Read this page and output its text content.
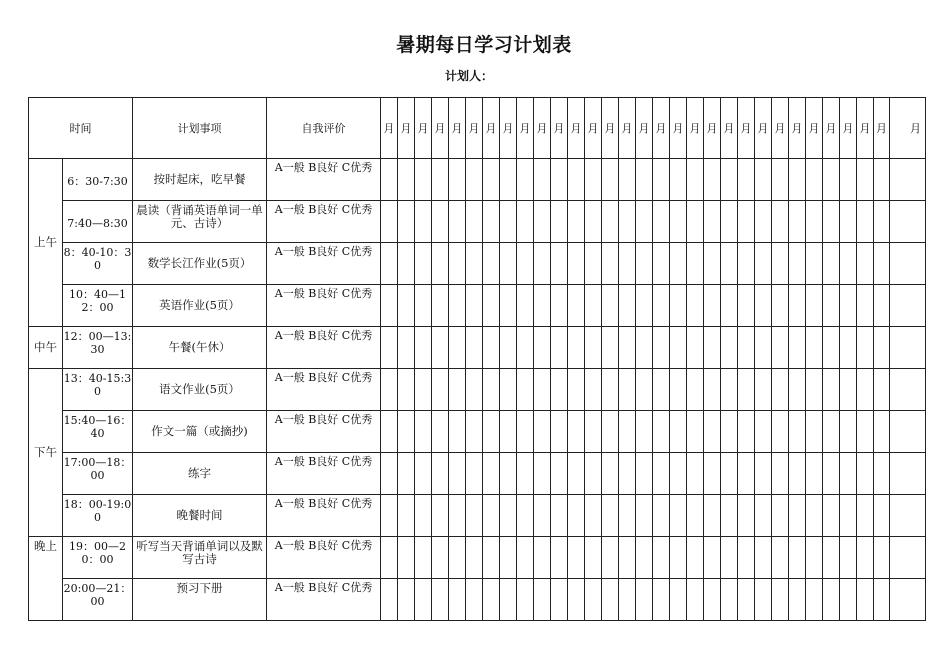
暑期每日学习计划表
计划人：
时间		计划事项	自我评价	月	月	月	月	月	月	月	月	月	月	月	月	月	月	月	月	月	月	月	月	月	月	月	月	月	月	月	月	月	月	月
上午	6：30-7:30	按时起床，吃早餐	A一般 B良好 C优秀																															
	7:40—8:30	晨读（背诵英语单词一单元、古诗）	A一般 B良好 C优秀																															
	8：40-10：30	数学长江作业(5页）	A一般 B良好 C优秀																															
	10：40—12：00	英语作业(5页）	A一般 B良好 C优秀																															
中午	12：00—13:30	午餐(午休）	A一般 B良好 C优秀																															
下午	13：40-15:30	语文作业(5页）	A一般 B良好 C优秀																															
	15:40—16：40	作文一篇（或摘抄)	A一般 B良好 C优秀																															
	17:00—18：00	练字	A一般 B良好 C优秀																															
	18：00-19:00	晚餐时间	A一般 B良好 C优秀																															
晚上	19：00—20：00	听写当天背诵单词以及默写古诗	A一般 B良好 C优秀																															
	20:00—21：00	预习下册	A一般 B良好 C优秀																															
